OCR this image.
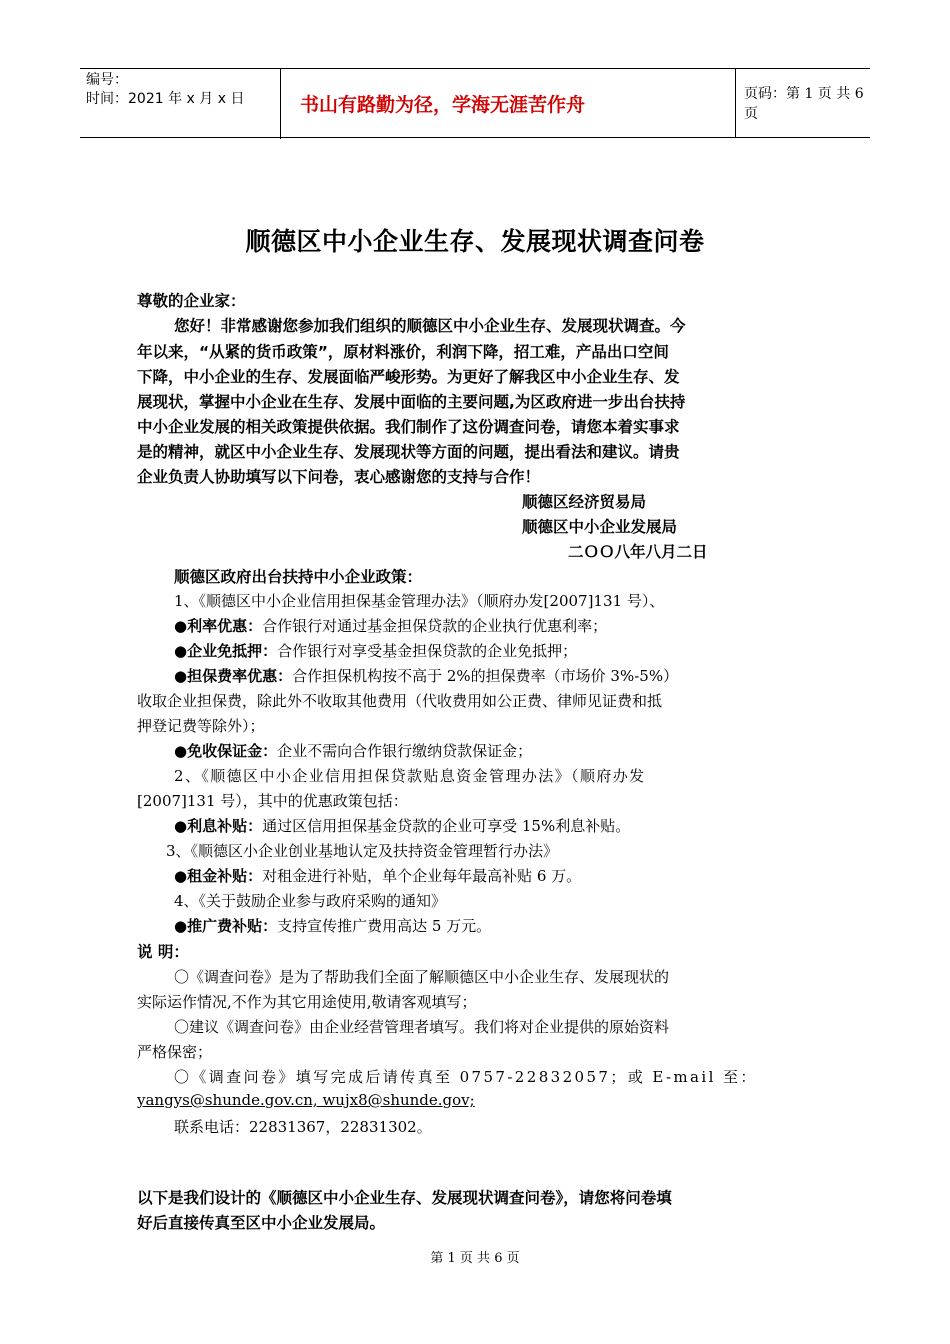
编号：
时间：2021 年 x 月 x 日	书山有路勤为径，学海无涯苦作舟	页码：第 1 页 共 6 页
顺德区中小企业生存、发展现状调查问卷
尊敬的企业家：
您好！非常感谢您参加我们组织的顺德区中小企业生存、发展现状调查。今
年以来，“从紧的货币政策”，原材料涨价，利润下降，招工难，产品出口空间
下降，中小企业的生存、发展面临严峻形势。为更好了解我区中小企业生存、发
展现状，掌握中小企业在生存、发展中面临的主要问题,为区政府进一步出台扶持
中小企业发展的相关政策提供依据。我们制作了这份调查问卷，请您本着实事求
是的精神，就区中小企业生存、发展现状等方面的问题，提出看法和建议。请贵
企业负责人协助填写以下问卷，衷心感谢您的支持与合作！
顺德区经济贸易局
顺德区中小企业发展局
二ＯＯ八年八月二日
顺德区政府出台扶持中小企业政策：
1、《顺德区中小企业信用担保基金管理办法》（顺府办发[2007]131 号）、
●利率优惠：合作银行对通过基金担保贷款的企业执行优惠利率；
●企业免抵押：合作银行对享受基金担保贷款的企业免抵押；
●担保费率优惠：合作担保机构按不高于 2%的担保费率（市场价 3%-5%）
收取企业担保费，除此外不收取其他费用（代收费用如公正费、律师见证费和抵
押登记费等除外）；
●免收保证金：企业不需向合作银行缴纳贷款保证金；
2、《顺德区中小企业信用担保贷款贴息资金管理办法》（顺府办发
[2007]131 号），其中的优惠政策包括：
●利息补贴：通过区信用担保基金贷款的企业可享受 15%利息补贴。
3、《顺德区小企业创业基地认定及扶持资金管理暂行办法》
●租金补贴：对租金进行补贴，单个企业每年最高补贴 6 万。
4、《关于鼓励企业参与政府采购的通知》
●推广费补贴：支持宣传推广费用高达 5 万元。
说 明：
〇《调查问卷》是为了帮助我们全面了解顺德区中小企业生存、发展现状的
实际运作情况,不作为其它用途使用,敬请客观填写；
〇建议《调查问卷》由企业经营管理者填写。我们将对企业提供的原始资料
严格保密；
〇《调查问卷》填写完成后请传真至 0757-22832057；或 E-mail 至：
yangys@shunde.gov.cn, wujx8@shunde.gov;
联系电话：22831367，22831302。
以下是我们设计的《顺德区中小企业生存、发展现状调查问卷》，请您将问卷填
好后直接传真至区中小企业发展局。
第 1 页 共 6 页
